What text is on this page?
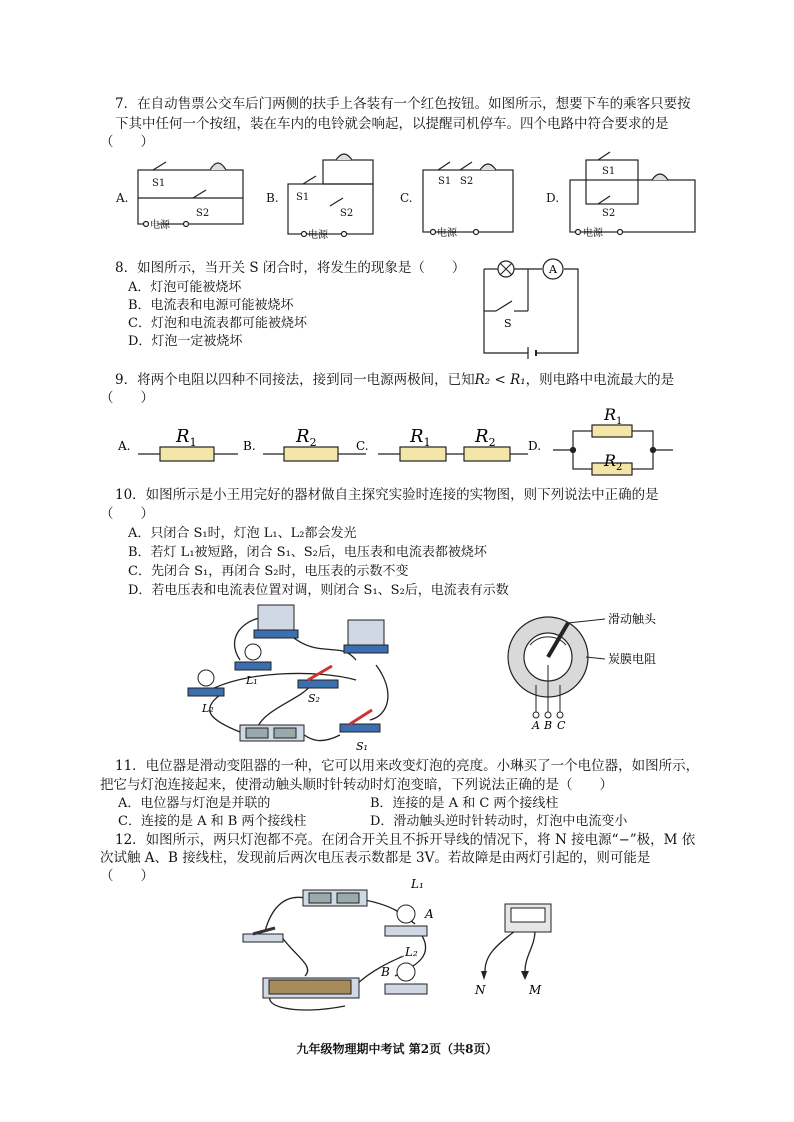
7．在自动售票公交车后门两侧的扶手上各装有一个红色按钮。如图所示，想要下车的乘客只要按
下其中任何一个按纽，装在车内的电铃就会响起，以提醒司机停车。四个电路中符合要求的是
（　　）
A.	B.	C.	D.
S1
S2
电源
S1
S2
电源
S1 S2
电源
S1
S2
电源
8．如图所示，当开关 S 闭合时，将发生的现象是（　　）
A．灯泡可能被烧坏
B．电流表和电源可能被烧坏
C．灯泡和电流表都可能被烧坏
D．灯泡一定被烧坏
A
S
9．将两个电阻以四种不同接法，接到同一电源两极间，已知R₂ < R₁，则电路中电流最大的是
（　　）
A.	B.	C.	D.
$R_1$	$R_2$	$R_1$ $R_2$
$R_1$
$R_2$
10．如图所示是小王用完好的器材做自主探究实验时连接的实物图，则下列说法中正确的是
（　　）
A．只闭合 S₁时，灯泡 L₁、L₂都会发光
B．若灯 L₁被短路，闭合 S₁、S₂后，电压表和电流表都被烧坏
C．先闭合 S₁，再闭合 S₂时，电压表的示数不变
D．若电压表和电流表位置对调，则闭合 S₁、S₂后，电流表有示数
L₁
L₂
S₂
S₁
滑动触头
炭膜电阻
A B C
11．电位器是滑动变阻器的一种，它可以用来改变灯泡的亮度。小琳买了一个电位器，如图所示，
把它与灯泡连接起来，使滑动触头顺时针转动时灯泡变暗，下列说法正确的是（　　）
A．电位器与灯泡是并联的	B．连接的是 A 和 C 两个接线柱
C．连接的是 A 和 B 两个接线柱	D．滑动触头逆时针转动时，灯泡中电流变小
12．如图所示，两只灯泡都不亮。在闭合开关且不拆开导线的情况下，将 N 接电源“−”极，M 依
次试触 A、B 接线柱，发现前后两次电压表示数都是 3V。若故障是由两灯引起的，则可能是
（　　）	L₁
A
L₂
B
N	M
九年级物理期中考试 第2页（共8页）
